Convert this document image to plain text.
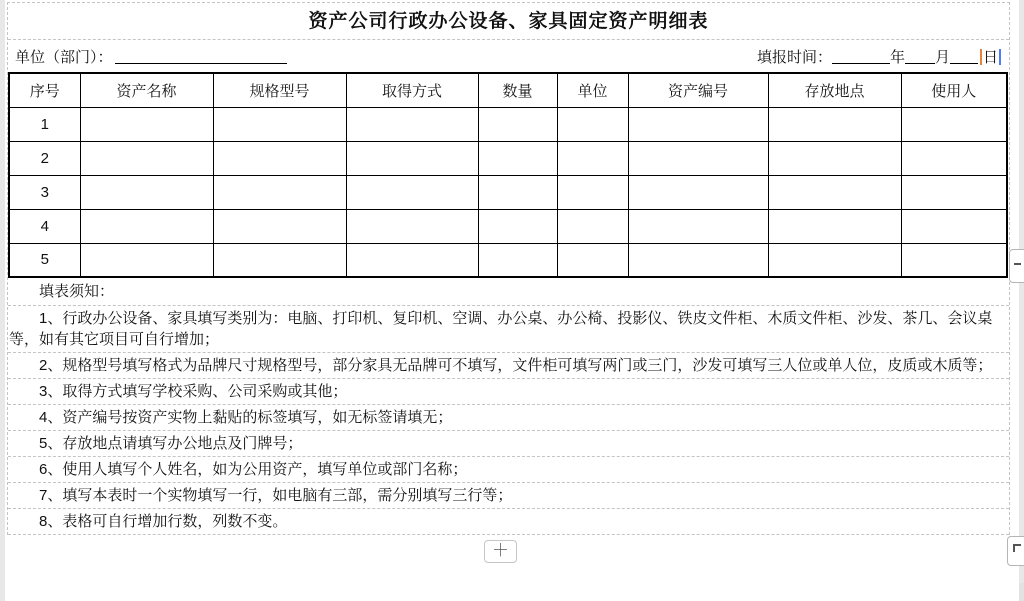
资产公司行政办公设备、家具固定资产明细表
单位（部门）：	填报时间：	年 月 日
序号	资产名称	规格型号	取得方式	数量	单位	资产编号	存放地点	使用人
1								
2								
3								
4								
5								
填表须知：
1、行政办公设备、家具填写类别为：电脑、打印机、复印机、空调、办公桌、办公椅、投影仪、铁皮文件柜、木质文件柜、沙发、茶几、会议桌等，如有其它项目可自行增加；
2、规格型号填写格式为品牌尺寸规格型号，部分家具无品牌可不填写，文件柜可填写两门或三门，沙发可填写三人位或单人位，皮质或木质等；
3、取得方式填写学校采购、公司采购或其他；
4、资产编号按资产实物上黏贴的标签填写，如无标签请填无；
5、存放地点请填写办公地点及门牌号；
6、使用人填写个人姓名，如为公用资产，填写单位或部门名称；
7、填写本表时一个实物填写一行，如电脑有三部，需分别填写三行等；
8、表格可自行增加行数，列数不变。
＋
